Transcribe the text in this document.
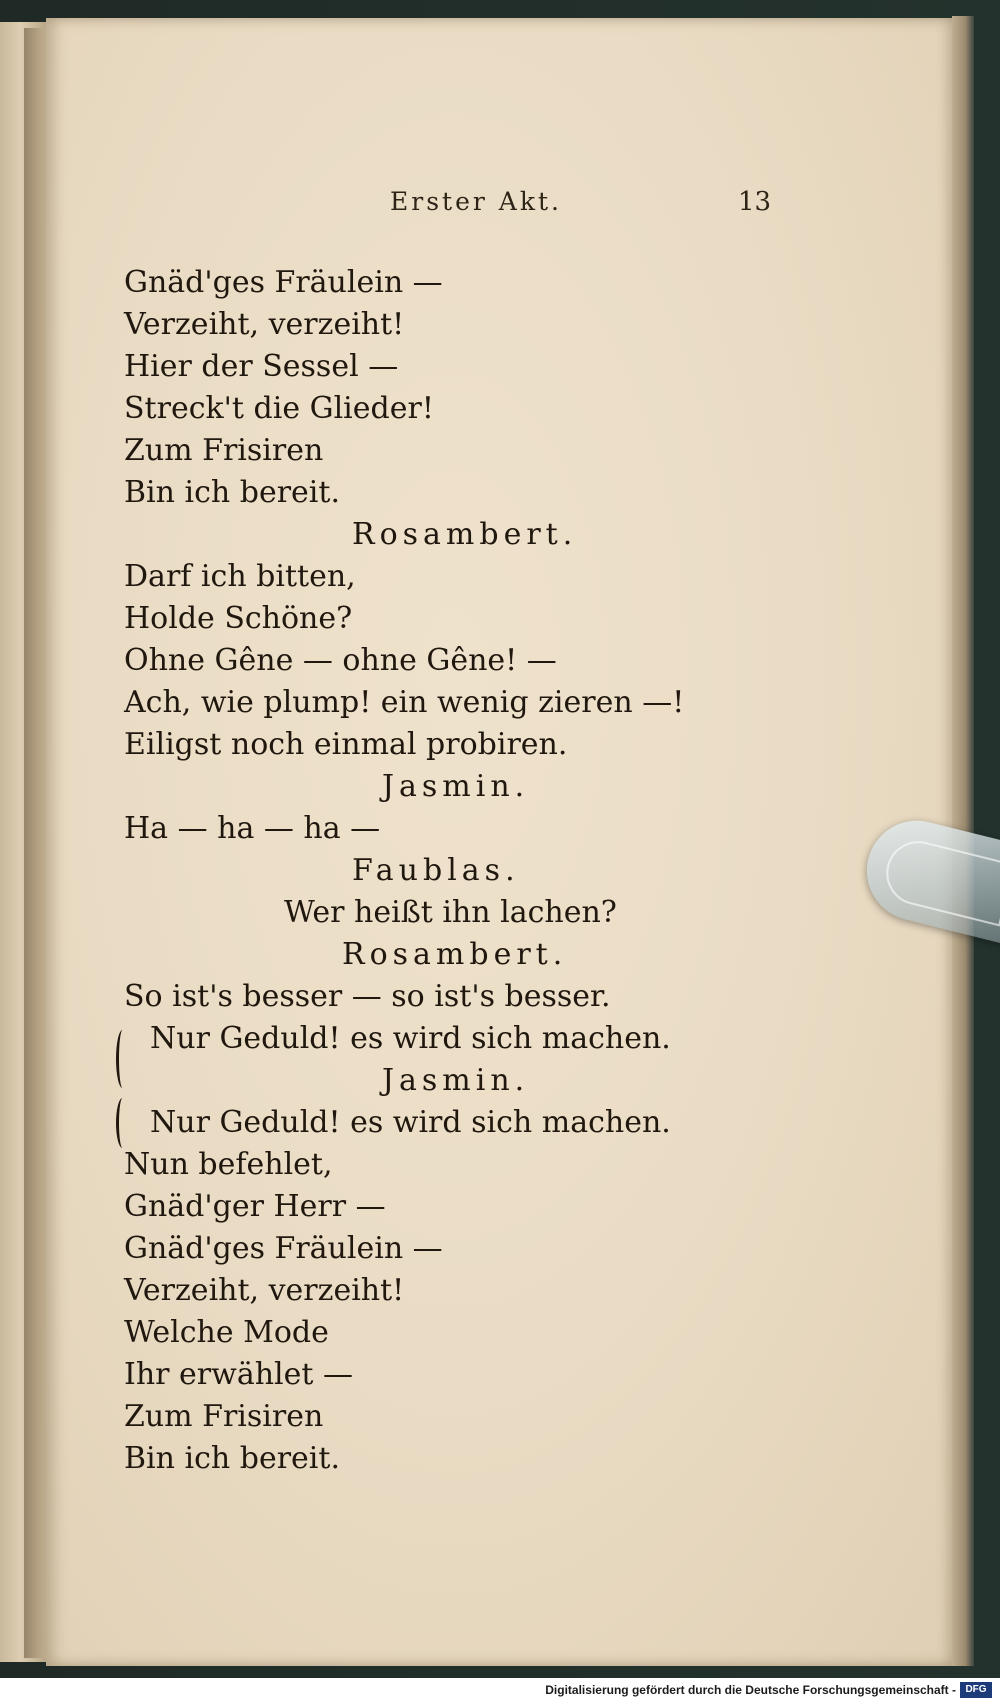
Erster Akt.	13
Gnäd'ges Fräulein —
Verzeiht, verzeiht!
Hier der Sessel —
Streck't die Glieder!
Zum Frisiren
Bin ich bereit.
Rosambert.
Darf ich bitten,
Holde Schöne?
Ohne Gêne — ohne Gêne! —
Ach, wie plump! ein wenig zieren —!
Eiligst noch einmal probiren.
Jasmin.
Ha — ha — ha —
Faublas.
Wer heißt ihn lachen?
Rosambert.
So ist's besser — so ist's besser.
Nur Geduld! es wird sich machen.
Jasmin.
Nur Geduld! es wird sich machen.
Nun befehlet,
Gnäd'ger Herr —
Gnäd'ges Fräulein —
Verzeiht, verzeiht!
Welche Mode
Ihr erwählet —
Zum Frisiren
Bin ich bereit.
Digitalisierung gefördert durch die Deutsche Forschungsgemeinschaft - DFG
